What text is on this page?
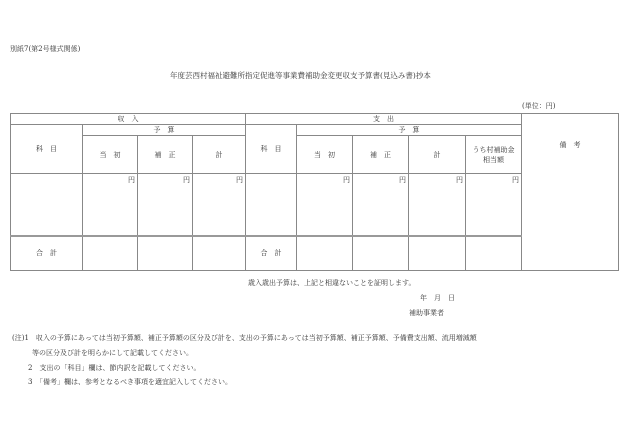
別紙7(第2号様式関係)
年度芸西村福祉避難所指定促進等事業費補助金変更収支予算書(見込み書)抄本
(単位：円)
収　入				支　出					備　考
科　目	予　算			科　目	予　算				
	当　初	補　正	計		当　初	補　正	計	うち村補助金相当額	
	円	円	円		円	円	円	円	
合　計				合　計					
歳入歳出予算は、上記と相違ないことを証明します。
年　月　日
補助事業者
(注)1　収入の予算にあっては当初予算額、補正予算額の区分及び計を、支出の予算にあっては当初予算額、補正予算額、予備費支出額、流用増減額
等の区分及び計を明らかにして記載してください。
2　支出の「科目」欄は、節内訳を記載してください。
3　「備考」欄は、参考となるべき事項を適宜記入してください。
